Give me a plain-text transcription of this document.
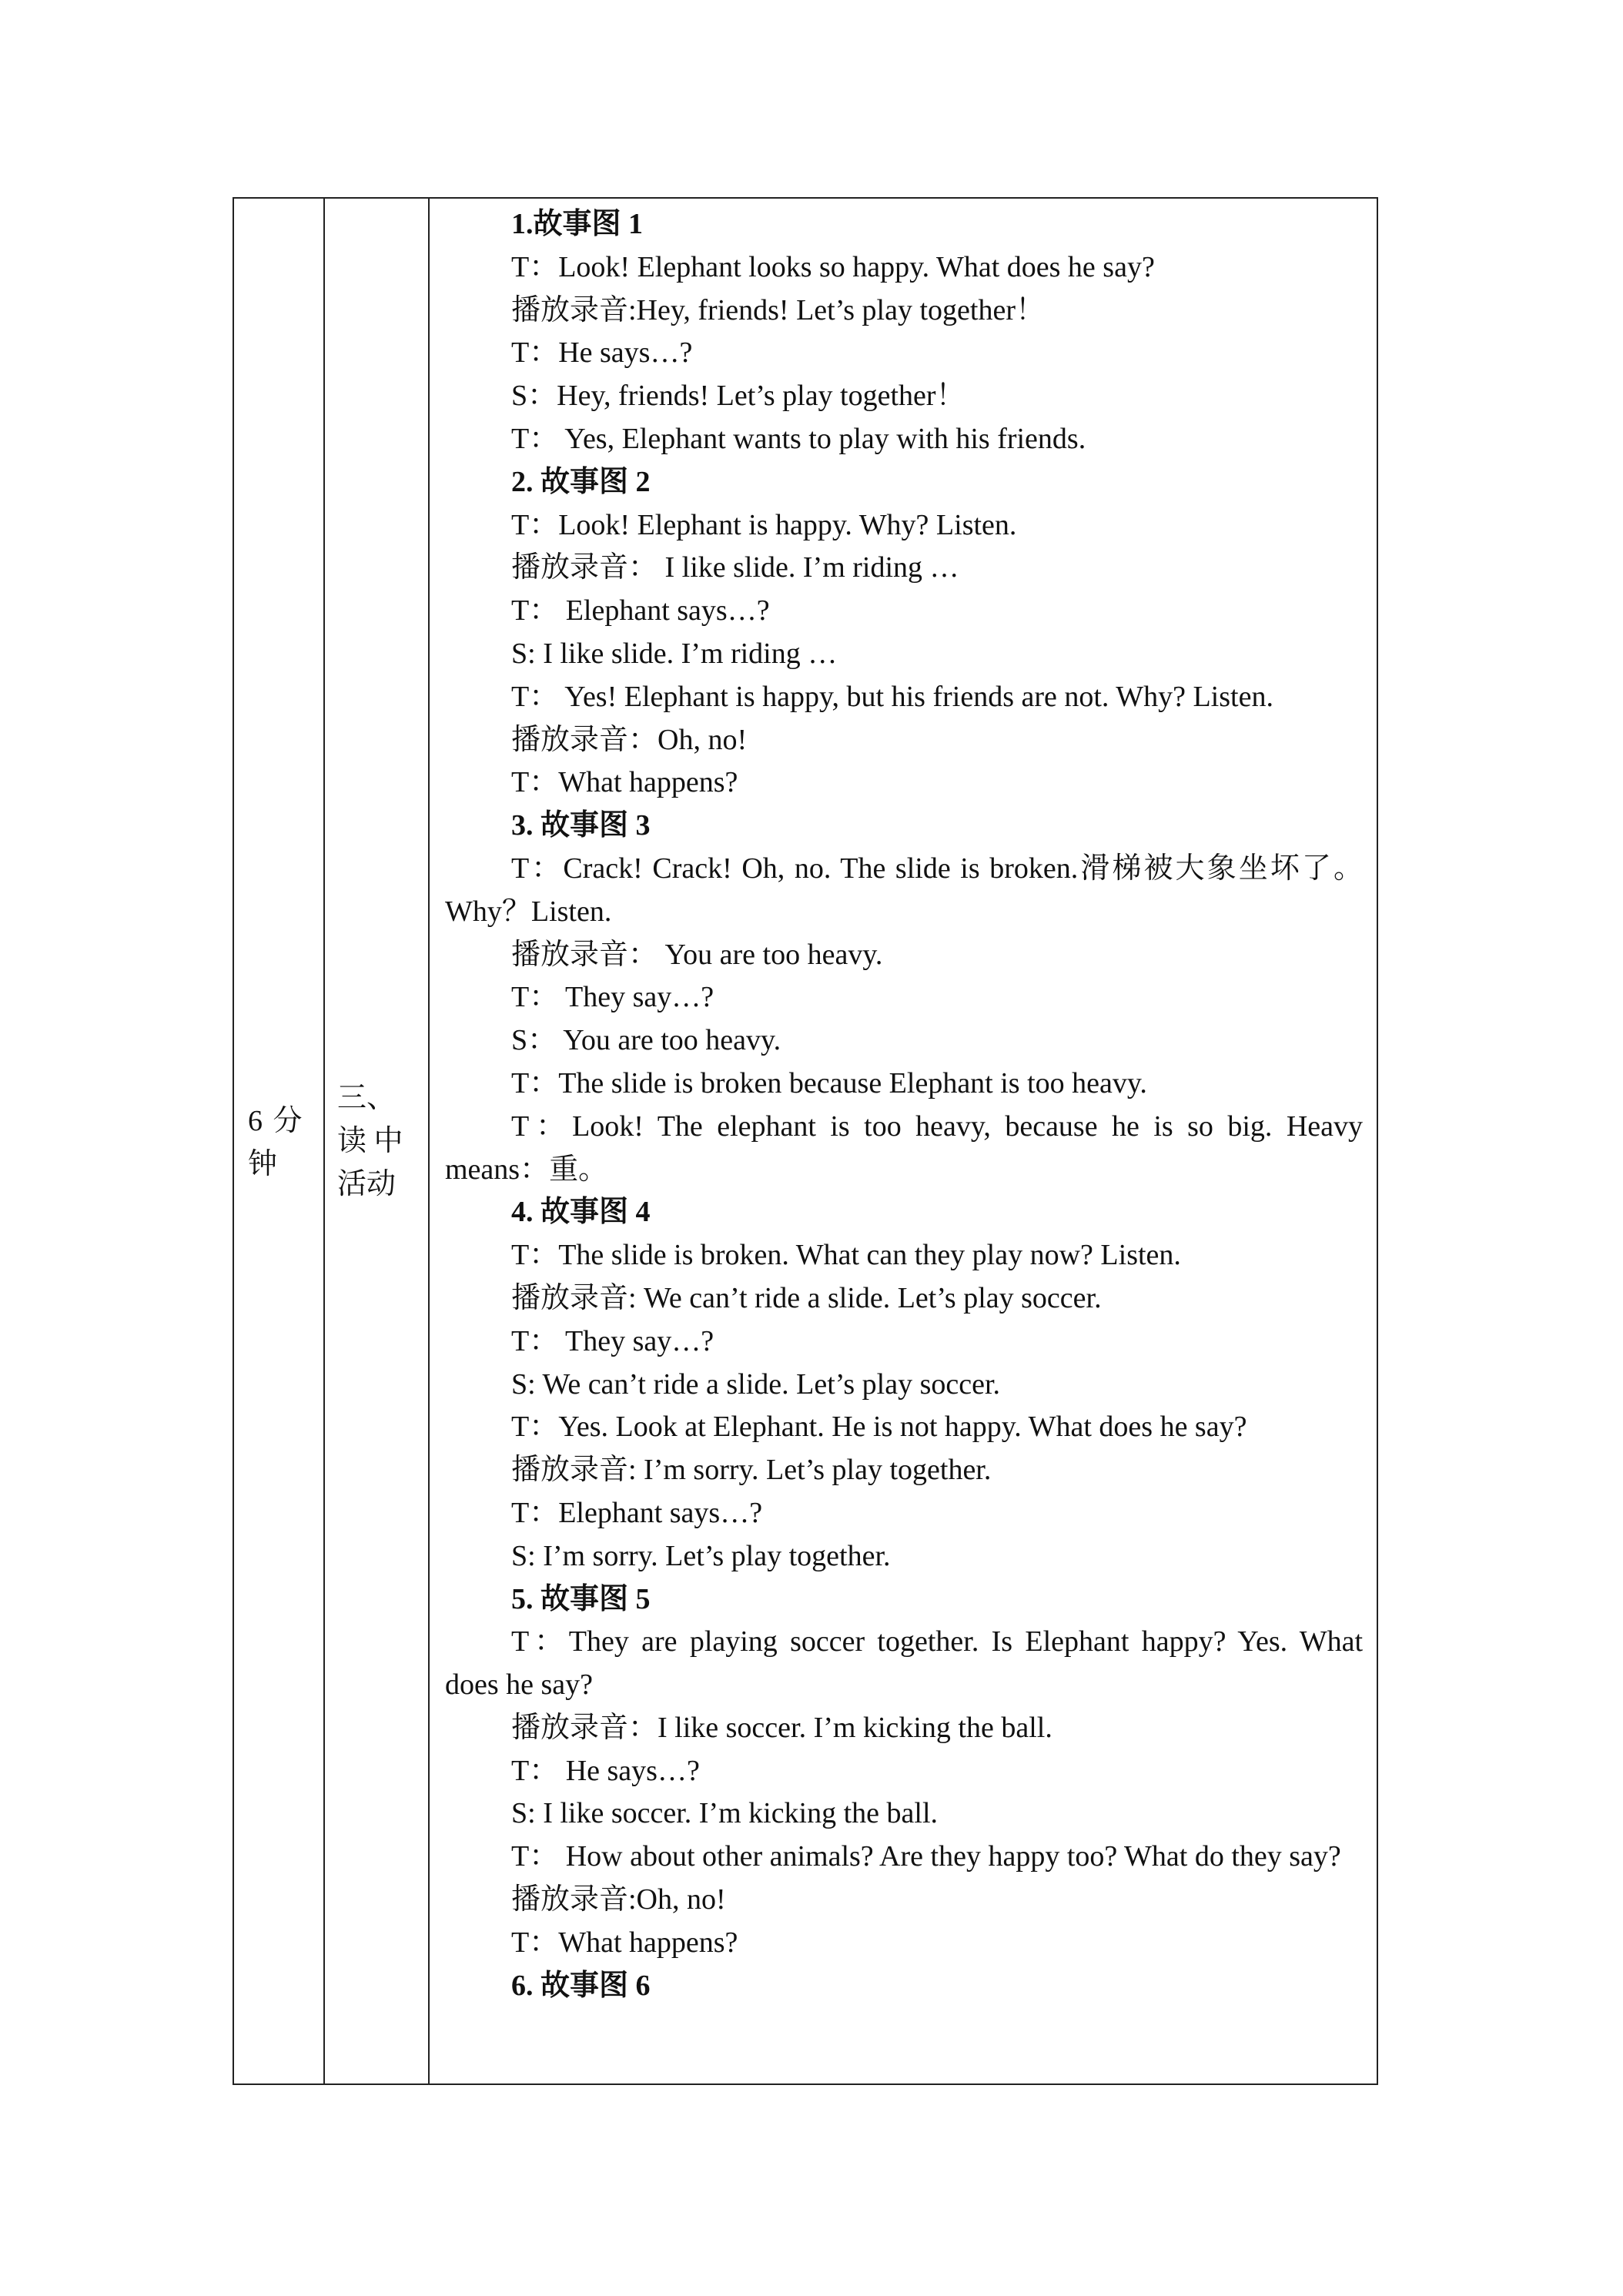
6 分钟
三、读 中活动

1.故事图 1

T：Look! Elephant looks so happy. What does he say?

播放录音:Hey, friends! Let’s play together！

T：He says…?

S：Hey, friends! Let’s play together！

T： Yes, Elephant wants to play with his friends.

2. 故事图 2

T：Look! Elephant is happy. Why? Listen.

播放录音： I like slide. I’m riding …

T： Elephant says…?

S: I like slide. I’m riding …

T： Yes! Elephant is happy, but his friends are not. Why? Listen.

播放录音：Oh, no!

T：What happens?

3. 故事图 3

T：Crack! Crack! Oh, no. The slide is broken.滑梯被大象坐坏了。 Why？Listen.

播放录音： You are too heavy.

T： They say…?

S： You are too heavy.

T：The slide is broken because Elephant is too heavy.

T：Look! The elephant is too heavy, because he is so big. Heavy means：重。

4. 故事图 4

T：The slide is broken. What can they play now? Listen.

播放录音: We can’t ride a slide. Let’s play soccer.

T： They say…?

S: We can’t ride a slide. Let’s play soccer.

T：Yes. Look at Elephant. He is not happy. What does he say?

播放录音: I’m sorry. Let’s play together.

T：Elephant says…?

S: I’m sorry. Let’s play together.

5. 故事图 5

T：They are playing soccer together. Is Elephant happy? Yes. What does he say?

播放录音：I like soccer. I’m kicking the ball.

T： He says…?

S: I like soccer. I’m kicking the ball.

T： How about other animals? Are they happy too? What do they say?

播放录音:Oh, no!

T：What happens?

6. 故事图 6
